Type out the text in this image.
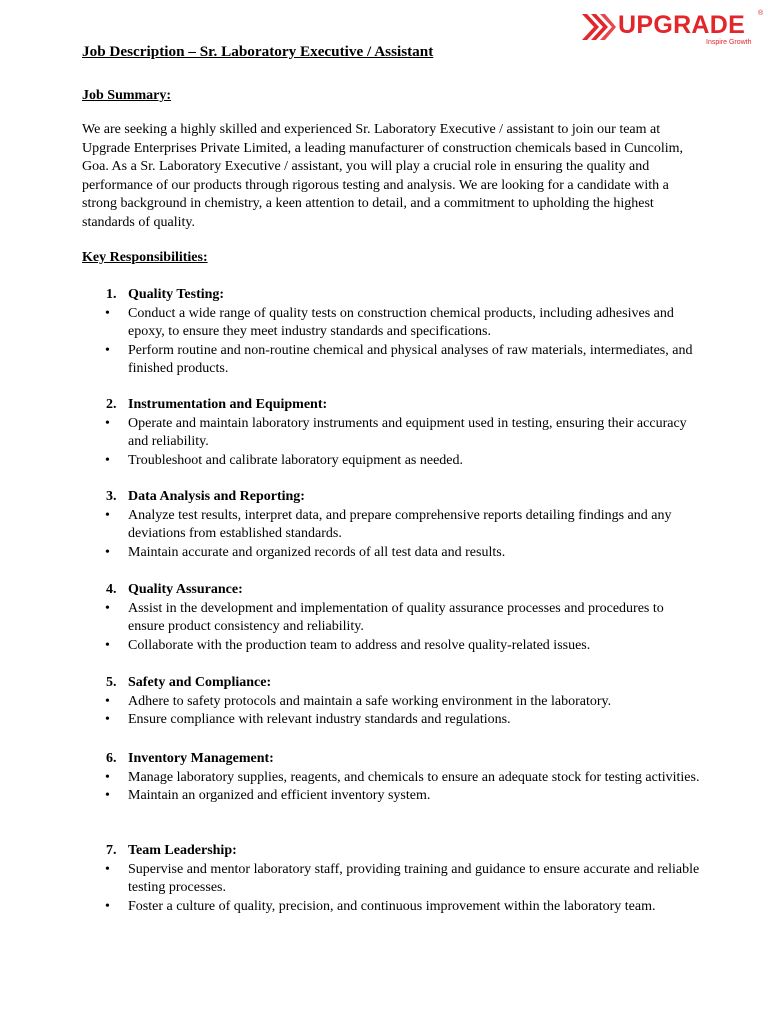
UPGRADE ®
Inspire Growth
Job Description – Sr. Laboratory Executive / Assistant
Job Summary:

We are seeking a highly skilled and experienced Sr. Laboratory Executive / assistant to join our team at Upgrade Enterprises Private Limited, a leading manufacturer of construction chemicals based in Cuncolim, Goa. As a Sr. Laboratory Executive / assistant, you will play a crucial role in ensuring the quality and performance of our products through rigorous testing and analysis. We are looking for a candidate with a strong background in chemistry, a keen attention to detail, and a commitment to upholding the highest standards of quality.

Key Responsibilities:
1. Quality Testing:
• Conduct a wide range of quality tests on construction chemical products, including adhesives and epoxy, to ensure they meet industry standards and specifications.
• Perform routine and non-routine chemical and physical analyses of raw materials, intermediates, and finished products.
2. Instrumentation and Equipment:
• Operate and maintain laboratory instruments and equipment used in testing, ensuring their accuracy and reliability.
• Troubleshoot and calibrate laboratory equipment as needed.
3. Data Analysis and Reporting:
• Analyze test results, interpret data, and prepare comprehensive reports detailing findings and any deviations from established standards.
• Maintain accurate and organized records of all test data and results.
4. Quality Assurance:
• Assist in the development and implementation of quality assurance processes and procedures to ensure product consistency and reliability.
• Collaborate with the production team to address and resolve quality-related issues.
5. Safety and Compliance:
• Adhere to safety protocols and maintain a safe working environment in the laboratory.
• Ensure compliance with relevant industry standards and regulations.
6. Inventory Management:
• Manage laboratory supplies, reagents, and chemicals to ensure an adequate stock for testing activities.
• Maintain an organized and efficient inventory system.
7. Team Leadership:
• Supervise and mentor laboratory staff, providing training and guidance to ensure accurate and reliable testing processes.
• Foster a culture of quality, precision, and continuous improvement within the laboratory team.
